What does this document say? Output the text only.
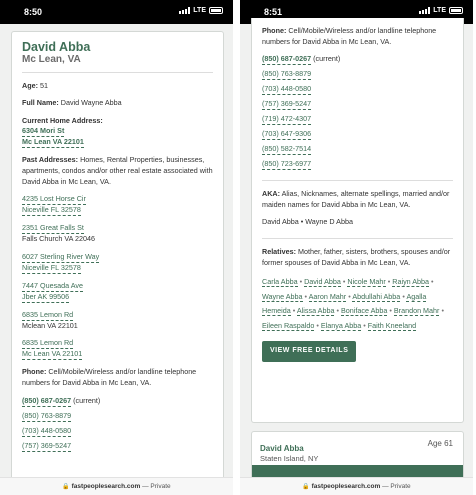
8:50	LTE
David Abba
Mc Lean, VA
Age: 51
Full Name: David Wayne Abba
Current Home Address:
6304 Mori St
Mc Lean VA 22101
Past Addresses: Homes, Rental Properties, businesses, apartments, condos and/or other real estate associated with David Abba in Mc Lean, VA.
4235 Lost Horse Cir
Niceville FL 32578
2351 Great Falls St
Falls Church VA 22046
6027 Sterling River Way
Niceville FL 32578
7447 Quesada Ave
Jber AK 99506
6835 Lemon Rd
Mclean VA 22101
6835 Lemon Rd
Mc Lean VA 22101
Phone: Cell/Mobile/Wireless and/or landline telephone numbers for David Abba in Mc Lean, VA.
(850) 687-0267 (current)
(850) 763-8879
(703) 448-0580
(757) 369-5247
🔒 fastpeoplesearch.com — Private
8:51	LTE
Phone: Cell/Mobile/Wireless and/or landline telephone numbers for David Abba in Mc Lean, VA.
(850) 687-0267 (current)
(850) 763-8879
(703) 448-0580
(757) 369-5247
(719) 472-4307
(703) 647-9306
(850) 582-7514
(850) 723-6977
AKA: Alias, Nicknames, alternate spellings, married and/or maiden names for David Abba in Mc Lean, VA.
David Abba • Wayne D Abba
Relatives: Mother, father, sisters, brothers, spouses and/or former spouses of David Abba in Mc Lean, VA.
Carla Abba • David Abba • Nicole Mahr • Raiyn Abba • Wayne Abba • Aaron Mahr • Abdullahi Abba • Agalla Hemeida • Alissa Abba • Boniface Abba • Brandon Mahr • Eileen Raspaldo • Elanya Abba • Faith Kneeland
VIEW FREE DETAILS
David Abba
Age 61
Staten Island, NY
🔒 fastpeoplesearch.com — Private
